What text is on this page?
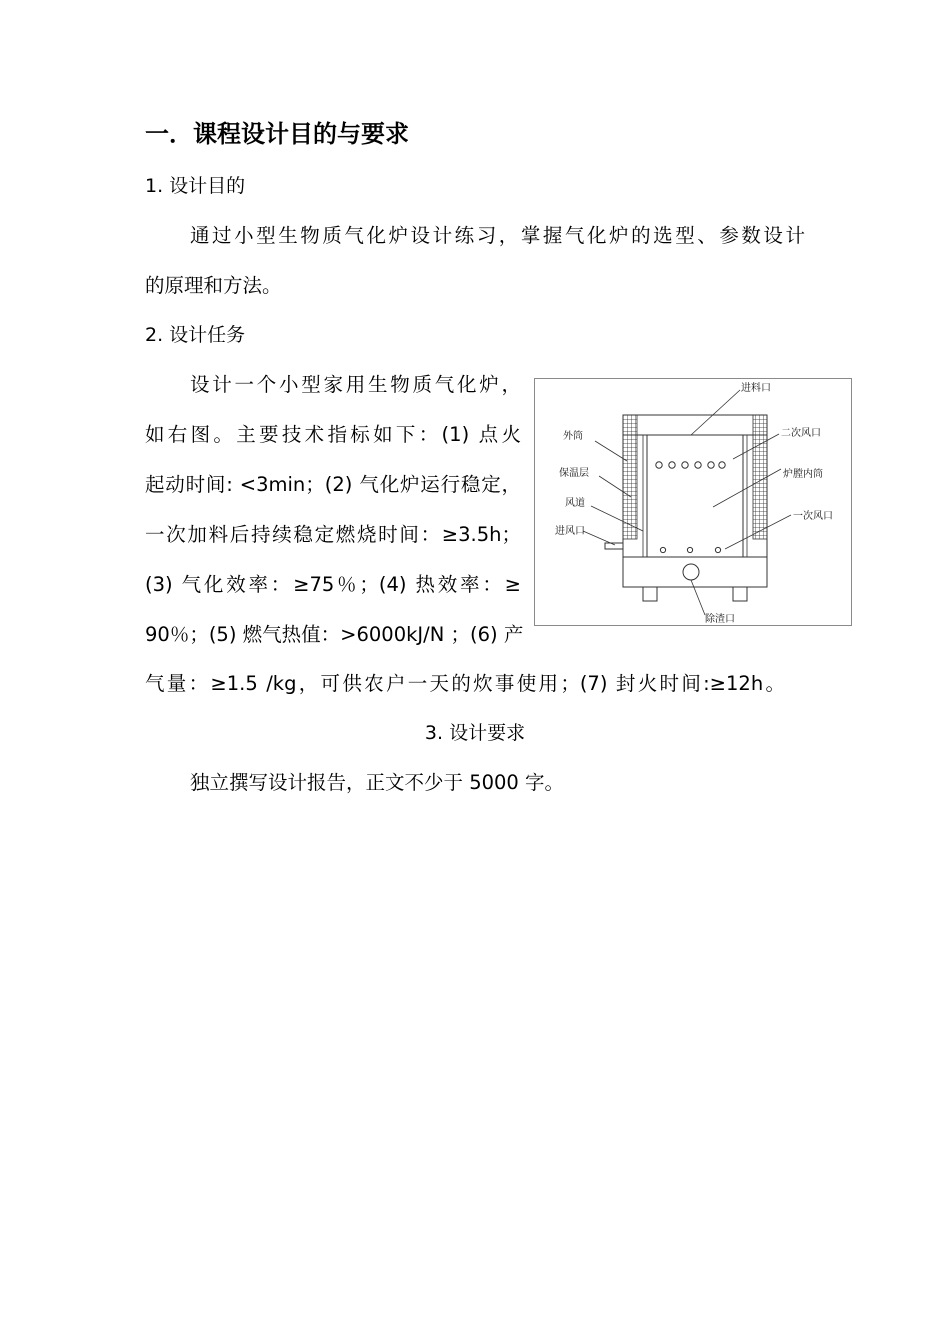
一．课程设计目的与要求
1. 设计目的
通过小型生物质气化炉设计练习，掌握气化炉的选型、参数设计
的原理和方法。
2. 设计任务
设计一个小型家用生物质气化炉，
如右图。主要技术指标如下：(1) 点火
起动时间: <3min；(2) 气化炉运行稳定，
一次加料后持续稳定燃烧时间：≥3.5h；
(3) 气化效率：≥75％；(4) 热效率：≥
90％；(5) 燃气热值：>6000kJ/N ；(6) 产
气量：≥1.5 /kg，可供农户一天的炊事使用；(7) 封火时间:≥12h。
3. 设计要求
独立撰写设计报告，正文不少于 5000 字。
进料口
外筒	二次风口
保温层	炉膛内筒
风道
一次风口
进风口
除渣口
